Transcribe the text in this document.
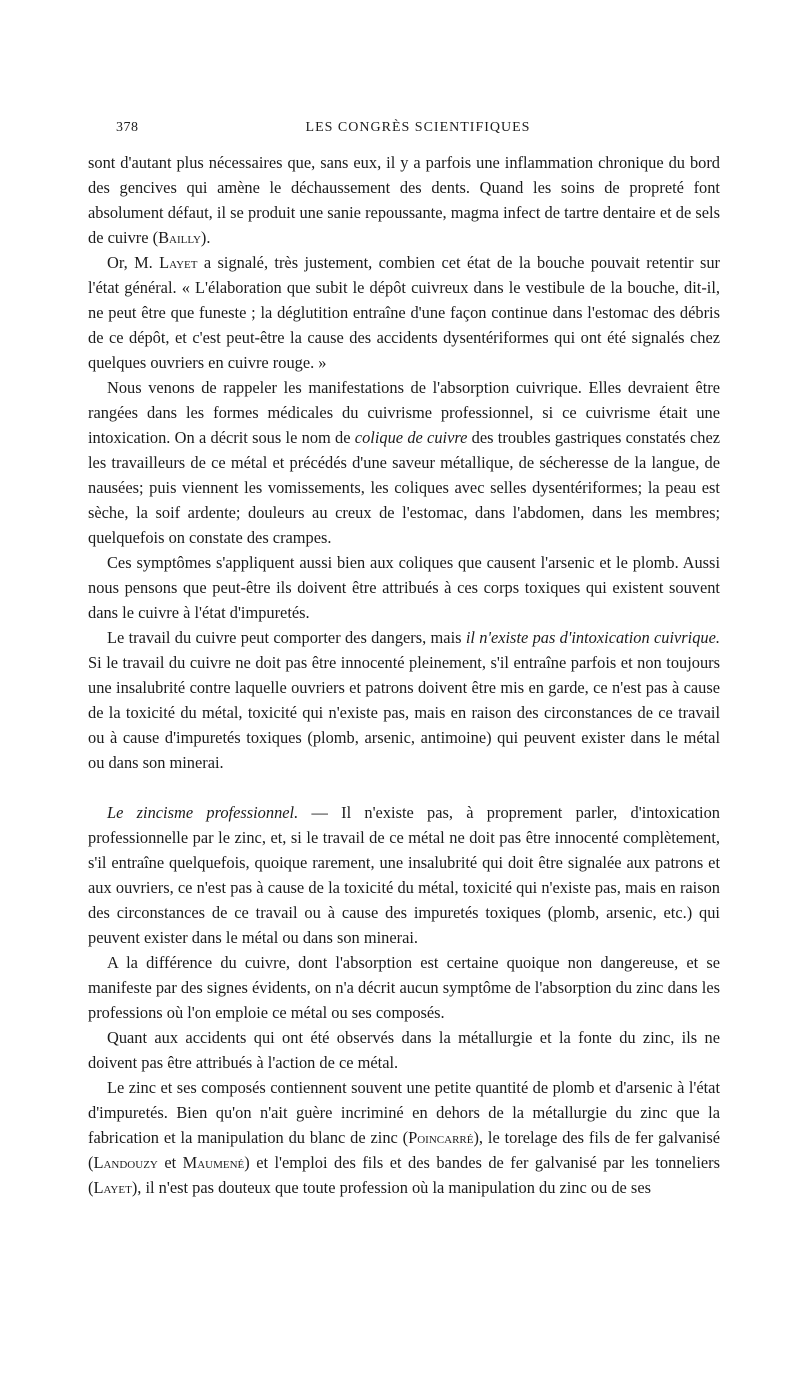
378	LES CONGRÈS SCIENTIFIQUES

sont d'autant plus nécessaires que, sans eux, il y a parfois une inflammation chronique du bord des gencives qui amène le déchaussement des dents. Quand les soins de propreté font absolument défaut, il se produit une sanie repoussante, magma infect de tartre dentaire et de sels de cuivre (Bailly).

Or, M. Layet a signalé, très justement, combien cet état de la bouche pouvait retentir sur l'état général. « L'élaboration que subit le dépôt cuivreux dans le vestibule de la bouche, dit-il, ne peut être que funeste ; la déglutition entraîne d'une façon continue dans l'estomac des débris de ce dépôt, et c'est peut-être la cause des accidents dysentériformes qui ont été signalés chez quelques ouvriers en cuivre rouge. »

Nous venons de rappeler les manifestations de l'absorption cuivrique. Elles devraient être rangées dans les formes médicales du cuivrisme professionnel, si ce cuivrisme était une intoxication. On a décrit sous le nom de colique de cuivre des troubles gastriques constatés chez les travailleurs de ce métal et précédés d'une saveur métallique, de sécheresse de la langue, de nausées; puis viennent les vomissements, les coliques avec selles dysentériformes; la peau est sèche, la soif ardente; douleurs au creux de l'estomac, dans l'abdomen, dans les membres; quelquefois on constate des crampes.

Ces symptômes s'appliquent aussi bien aux coliques que causent l'arsenic et le plomb. Aussi nous pensons que peut-être ils doivent être attribués à ces corps toxiques qui existent souvent dans le cuivre à l'état d'impuretés.

Le travail du cuivre peut comporter des dangers, mais il n'existe pas d'intoxication cuivrique. Si le travail du cuivre ne doit pas être innocenté pleinement, s'il entraîne parfois et non toujours une insalubrité contre laquelle ouvriers et patrons doivent être mis en garde, ce n'est pas à cause de la toxicité du métal, toxicité qui n'existe pas, mais en raison des circonstances de ce travail ou à cause d'impuretés toxiques (plomb, arsenic, antimoine) qui peuvent exister dans le métal ou dans son minerai.

Le zincisme professionnel. — Il n'existe pas, à proprement parler, d'intoxication professionnelle par le zinc, et, si le travail de ce métal ne doit pas être innocenté complètement, s'il entraîne quelquefois, quoique rarement, une insalubrité qui doit être signalée aux patrons et aux ouvriers, ce n'est pas à cause de la toxicité du métal, toxicité qui n'existe pas, mais en raison des circonstances de ce travail ou à cause des impuretés toxiques (plomb, arsenic, etc.) qui peuvent exister dans le métal ou dans son minerai.

A la différence du cuivre, dont l'absorption est certaine quoique non dangereuse, et se manifeste par des signes évidents, on n'a décrit aucun symptôme de l'absorption du zinc dans les professions où l'on emploie ce métal ou ses composés.

Quant aux accidents qui ont été observés dans la métallurgie et la fonte du zinc, ils ne doivent pas être attribués à l'action de ce métal.

Le zinc et ses composés contiennent souvent une petite quantité de plomb et d'arsenic à l'état d'impuretés. Bien qu'on n'ait guère incriminé en dehors de la métallurgie du zinc que la fabrication et la manipulation du blanc de zinc (Poincarré), le torelage des fils de fer galvanisé (Landouzy et Maumené) et l'emploi des fils et des bandes de fer galvanisé par les tonneliers (Layet), il n'est pas douteux que toute profession où la manipulation du zinc ou de ses
